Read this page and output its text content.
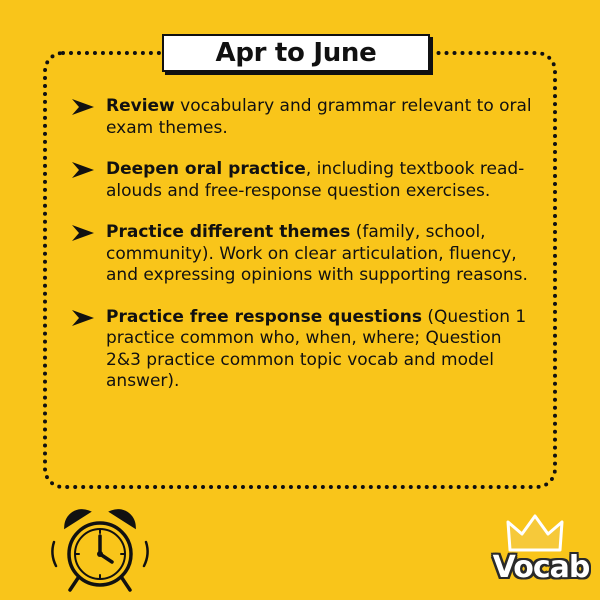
Apr to June
Review vocabulary and grammar relevant to oral exam themes.
Deepen oral practice, including textbook read-alouds and free-response question exercises.
Practice different themes (family, school, community). Work on clear articulation, fluency, and expressing opinions with supporting reasons.
Practice free response questions (Question 1 practice common who, when, where; Question 2&3 practice common topic vocab and model answer).
Vocab
